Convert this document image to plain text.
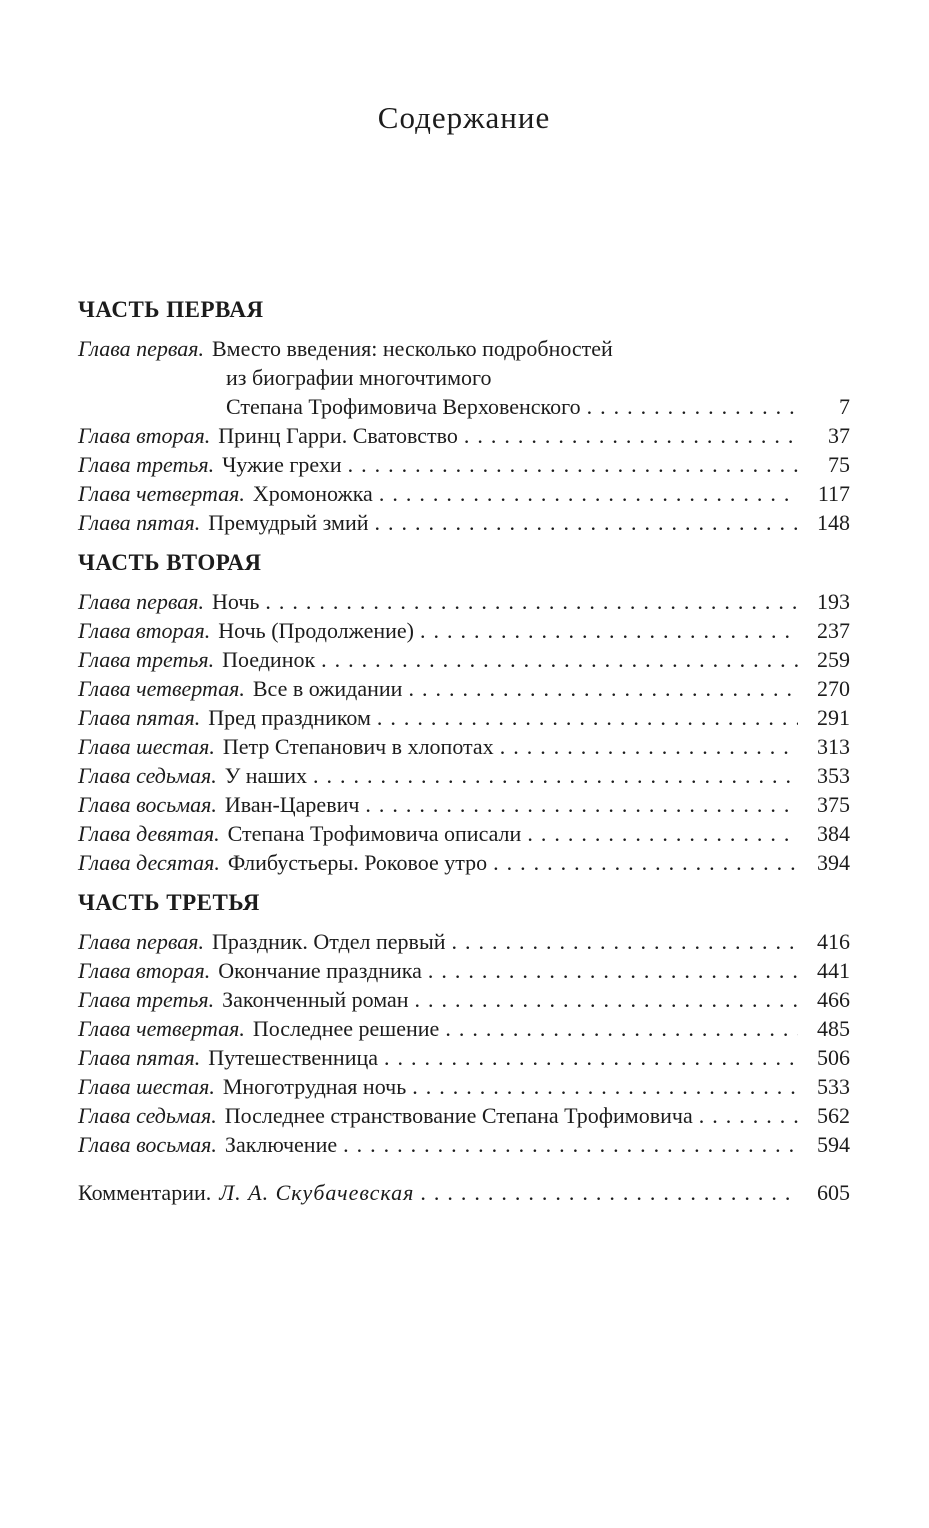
Содержание
ЧАСТЬ ПЕРВАЯ
Глава первая. Вместо введения: несколько подробностей
из биографии многочтимого
Степана Трофимовича Верховенского .....	7
Глава вторая. Принц Гарри. Сватовство .....	37
Глава третья. Чужие грехи .....	75
Глава четвертая. Хромоножка .....	117
Глава пятая. Премудрый змий .....	148
ЧАСТЬ ВТОРАЯ
Глава первая. Ночь .....	193
Глава вторая. Ночь (Продолжение) .....	237
Глава третья. Поединок .....	259
Глава четвертая. Все в ожидании .....	270
Глава пятая. Пред праздником .....	291
Глава шестая. Петр Степанович в хлопотах .....	313
Глава седьмая. У наших .....	353
Глава восьмая. Иван-Царевич .....	375
Глава девятая. Степана Трофимовича описали .....	384
Глава десятая. Флибустьеры. Роковое утро .....	394
ЧАСТЬ ТРЕТЬЯ
Глава первая. Праздник. Отдел первый .....	416
Глава вторая. Окончание праздника .....	441
Глава третья. Законченный роман .....	466
Глава четвертая. Последнее решение .....	485
Глава пятая. Путешественница .....	506
Глава шестая. Многотрудная ночь .....	533
Глава седьмая. Последнее странствование Степана Трофимовича .....	562
Глава восьмая. Заключение .....	594
Комментарии. Л. А. Скубачевская .....	605
